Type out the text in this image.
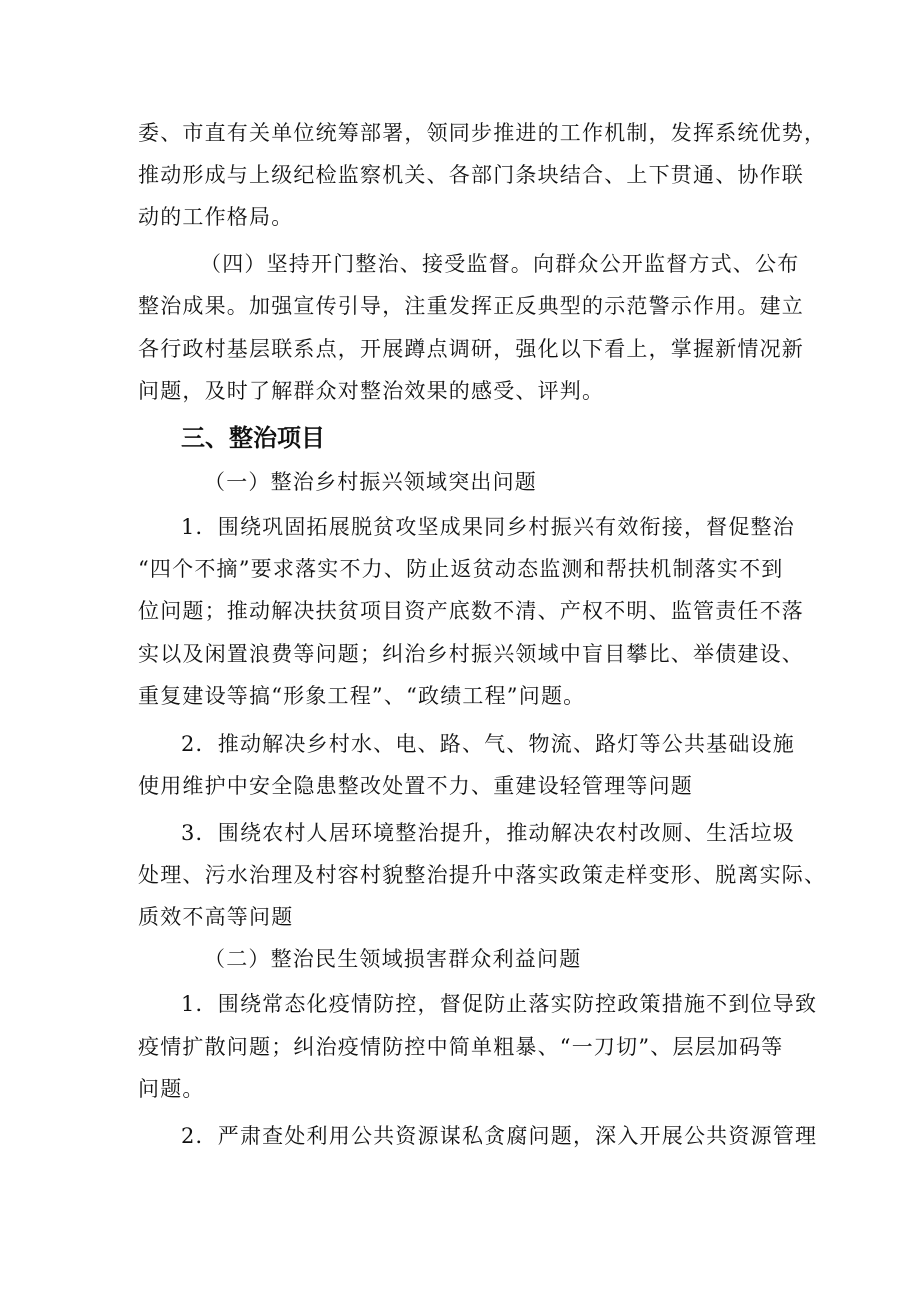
委、市直有关单位统筹部署，领同步推进的工作机制，发挥系统优势，
推动形成与上级纪检监察机关、各部门条块结合、上下贯通、协作联
动的工作格局。
（四）坚持开门整治、接受监督。向群众公开监督方式、公布
整治成果。加强宣传引导，注重发挥正反典型的示范警示作用。建立
各行政村基层联系点，开展蹲点调研，强化以下看上，掌握新情况新
问题，及时了解群众对整治效果的感受、评判。
三、整治项目
（一）整治乡村振兴领域突出问题
1．围绕巩固拓展脱贫攻坚成果同乡村振兴有效衔接，督促整治
“四个不摘”要求落实不力、防止返贫动态监测和帮扶机制落实不到
位问题；推动解决扶贫项目资产底数不清、产权不明、监管责任不落
实以及闲置浪费等问题；纠治乡村振兴领域中盲目攀比、举债建设、
重复建设等搞“形象工程”、“政绩工程”问题。
2．推动解决乡村水、电、路、气、物流、路灯等公共基础设施
使用维护中安全隐患整改处置不力、重建设轻管理等问题
3．围绕农村人居环境整治提升，推动解决农村改厕、生活垃圾
处理、污水治理及村容村貌整治提升中落实政策走样变形、脱离实际、
质效不高等问题
（二）整治民生领域损害群众利益问题
1．围绕常态化疫情防控，督促防止落实防控政策措施不到位导致
疫情扩散问题；纠治疫情防控中简单粗暴、“一刀切”、层层加码等
问题。
2．严肃查处利用公共资源谋私贪腐问题，深入开展公共资源管理
